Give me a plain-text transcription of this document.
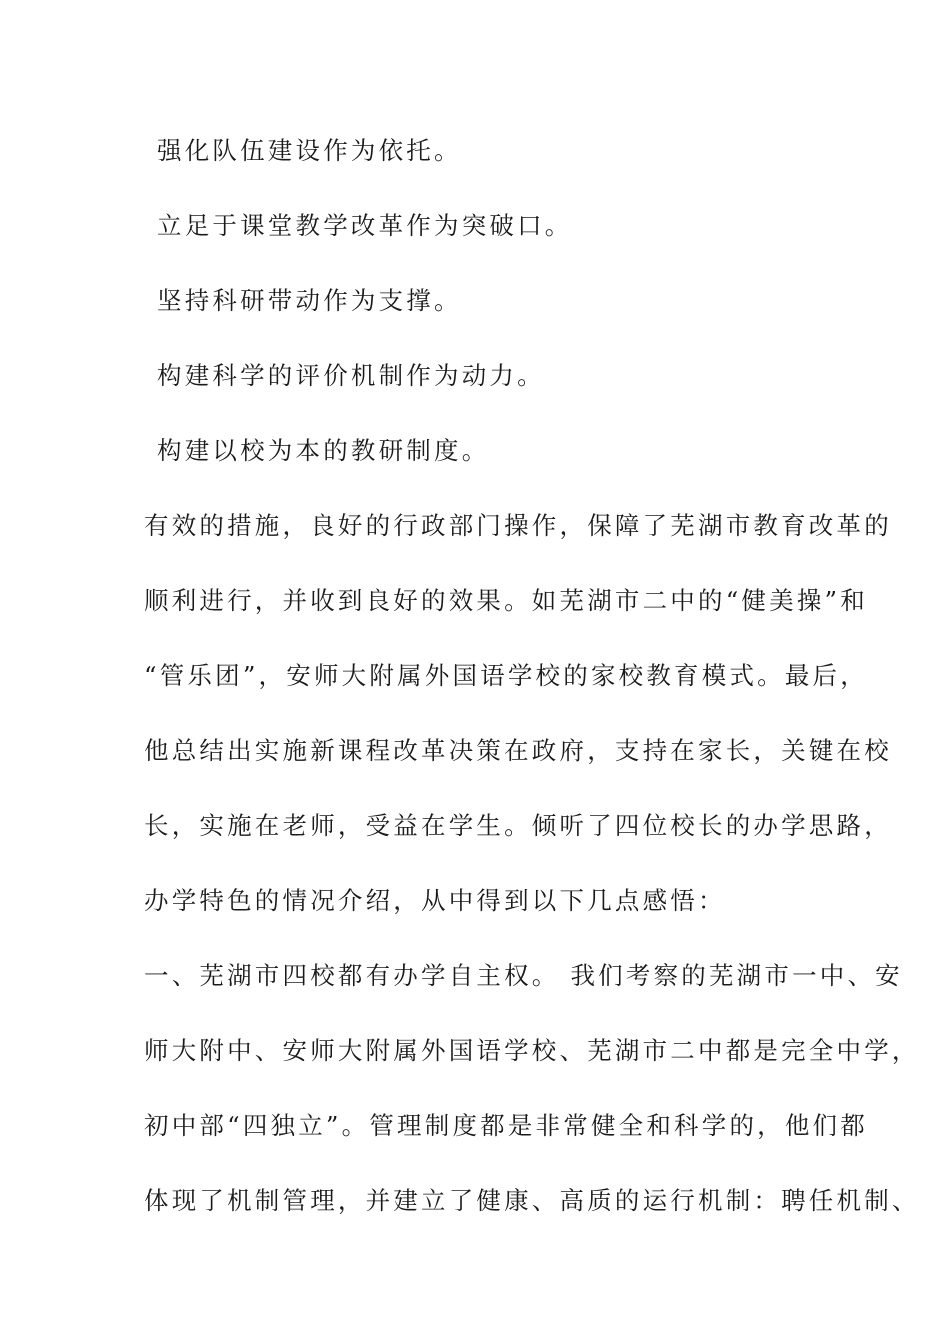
强化队伍建设作为依托。
立足于课堂教学改革作为突破口。
坚持科研带动作为支撑。
构建科学的评价机制作为动力。
构建以校为本的教研制度。
有效的措施，良好的行政部门操作，保障了芜湖市教育改革的
顺利进行，并收到良好的效果。如芜湖市二中的“健美操”和
“管乐团”，安师大附属外国语学校的家校教育模式。最后，
他总结出实施新课程改革决策在政府，支持在家长，关键在校
长，实施在老师，受益在学生。倾听了四位校长的办学思路，
办学特色的情况介绍，从中得到以下几点感悟：
一、芜湖市四校都有办学自主权。 我们考察的芜湖市一中、安
师大附中、安师大附属外国语学校、芜湖市二中都是完全中学，
初中部“四独立”。管理制度都是非常健全和科学的，他们都
体现了机制管理，并建立了健康、高质的运行机制：聘任机制、
